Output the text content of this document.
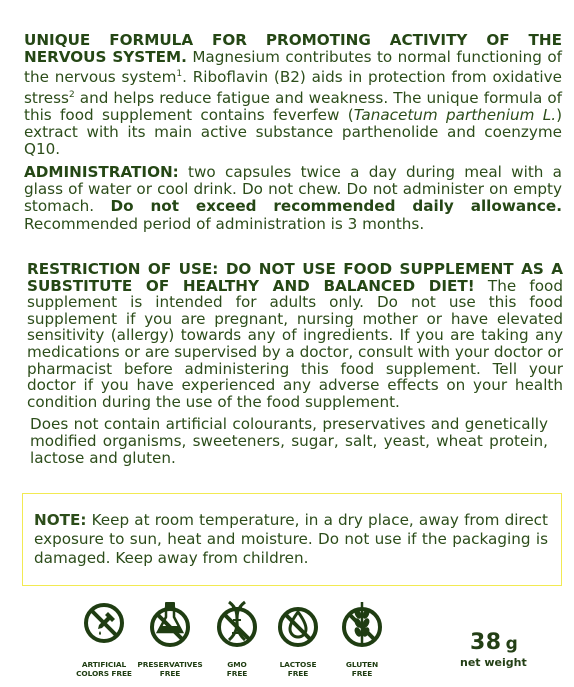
UNIQUE FORMULA FOR PROMOTING ACTIVITY OF THE NERVOUS SYSTEM. Magnesium contributes to normal functioning of the nervous system$^1$. Riboflavin (B2) aids in protection from oxidative stress$^2$ and helps reduce fatigue and weakness. The unique formula of this food supplement contains feverfew (Tanacetum parthenium L.) extract with its main active substance parthenolide and coenzyme Q10.

ADMINISTRATION: two capsules twice a day during meal with a glass of water or cool drink. Do not chew. Do not administer on empty stomach. Do not exceed recommended daily allowance. Recommended period of administration is 3 months.

RESTRICTION OF USE: DO NOT USE FOOD SUPPLEMENT AS A SUBSTITUTE OF HEALTHY AND BALANCED DIET! The food supplement is intended for adults only. Do not use this food supplement if you are pregnant, nursing mother or have elevated sensitivity (allergy) towards any of ingredients. If you are taking any medications or are supervised by a doctor, consult with your doctor or pharmacist before administering this food supplement. Tell your doctor if you have experienced any adverse effects on your health condition during the use of the food supplement.

Does not contain artificial colourants, preservatives and genetically modified organisms, sweeteners, sugar, salt, yeast, wheat protein, lactose and gluten.

NOTE: Keep at room temperature, in a dry place, away from direct exposure to sun, heat and moisture. Do not use if the packaging is damaged. Keep away from children.

ARTIFICIAL
COLORS FREE
PRESERVATIVES
FREE
GMO
FREE
LACTOSE
FREE
GLUTEN
FREE
38 g
net weight
